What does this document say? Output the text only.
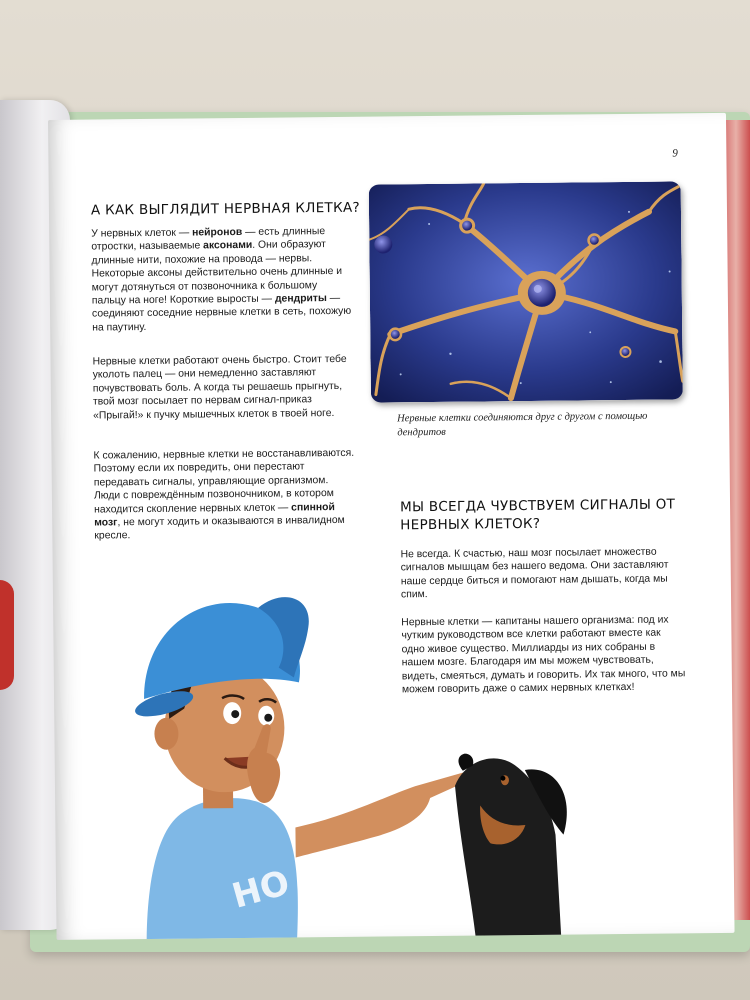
9
А КАК ВЫГЛЯДИТ НЕРВНАЯ КЛЕТКА?
У нервных клеток — нейронов — есть длинные отростки, называемые аксонами. Они образуют длинные нити, похожие на провода — нервы. Некоторые аксоны действительно очень длинные и могут дотянуться от позвоночника к большому пальцу на ноге! Короткие выросты — дендриты — соединяют соседние нервные клетки в сеть, похожую на паутину.
Нервные клетки работают очень быстро. Стоит тебе уколоть палец — они немедленно заставляют почувствовать боль. А когда ты решаешь прыгнуть, твой мозг посылает по нервам сигнал-приказ «Прыгай!» к пучку мышечных клеток в твоей ноге.
К сожалению, нервные клетки не восстанавливаются. Поэтому если их повредить, они перестают передавать сигналы, управляющие организмом. Люди с повреждённым позвоночником, в котором находится скопление нервных клеток — спинной мозг, не могут ходить и оказываются в инвалидном кресле.
Нервные клетки соединяются друг с другом с помощью дендритов
МЫ ВСЕГДА ЧУВСТВУЕМ СИГНАЛЫ ОТ НЕРВНЫХ КЛЕТОК?
Не всегда. К счастью, наш мозг посылает множество сигналов мышцам без нашего ведома. Они заставляют наше сердце биться и помогают нам дышать, когда мы спим.
Нервные клетки — капитаны нашего организма: под их чутким руководством все клетки работают вместе как одно живое существо. Миллиарды из них собраны в нашем мозге. Благодаря им мы можем чувствовать, видеть, смеяться, думать и говорить. Их так много, что мы можем говорить даже о самих нервных клетках!
НО
